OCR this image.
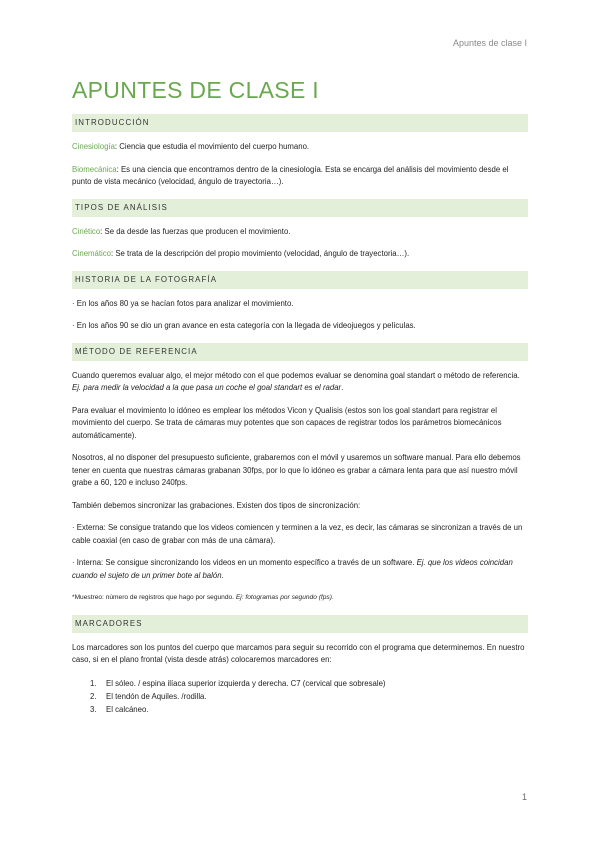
Apuntes de clase I
APUNTES DE CLASE I
INTRODUCCIÓN

Cinesiología: Ciencia que estudia el movimiento del cuerpo humano.

Biomecánica: Es una ciencia que encontramos dentro de la cinesiología. Esta se encarga del análisis del movimiento desde el punto de vista mecánico (velocidad, ángulo de trayectoria…).

TIPOS DE ANÁLISIS

Cinético: Se da desde las fuerzas que producen el movimiento.

Cinemático: Se trata de la descripción del propio movimiento (velocidad, ángulo de trayectoria…).

HISTORIA DE LA FOTOGRAFÍA

· En los años 80 ya se hacían fotos para analizar el movimiento.

· En los años 90 se dio un gran avance en esta categoría con la llegada de videojuegos y películas.

MÉTODO DE REFERENCIA

Cuando queremos evaluar algo, el mejor método con el que podemos evaluar se denomina goal standart o método de referencia. Ej. para medir la velocidad a la que pasa un coche el goal standart es el radar.

Para evaluar el movimiento lo idóneo es emplear los métodos Vicon y Qualisis (estos son los goal standart para registrar el movimiento del cuerpo. Se trata de cámaras muy potentes que son capaces de registrar todos los parámetros biomecánicos automáticamente).

Nosotros, al no disponer del presupuesto suficiente, grabaremos con el móvil y usaremos un software manual. Para ello debemos tener en cuenta que nuestras cámaras grabanan 30fps, por lo que lo idóneo es grabar a cámara lenta para que así nuestro móvil grabe a 60, 120 e incluso 240fps.

También debemos sincronizar las grabaciones. Existen dos tipos de sincronización:

· Externa: Se consigue tratando que los videos comiencen y terminen a la vez, es decir, las cámaras se sincronizan a través de un cable coaxial (en caso de grabar con más de una cámara).

· Interna: Se consigue sincronizando los videos en un momento específico a través de un software. Ej. que los videos coincidan cuando el sujeto de un primer bote al balón.

*Muestreo: número de registros que hago por segundo. Ej: fotogramas por segundo (fps).

MARCADORES

Los marcadores son los puntos del cuerpo que marcamos para seguir su recorrido con el programa que determinemos. En nuestro caso, si en el plano frontal (vista desde atrás) colocaremos marcadores en:

1.	El sóleo. / espina ilíaca superior izquierda y derecha. C7 (cervical que sobresale)
2.	El tendón de Aquiles. /rodilla.
3.	El calcáneo.
1
